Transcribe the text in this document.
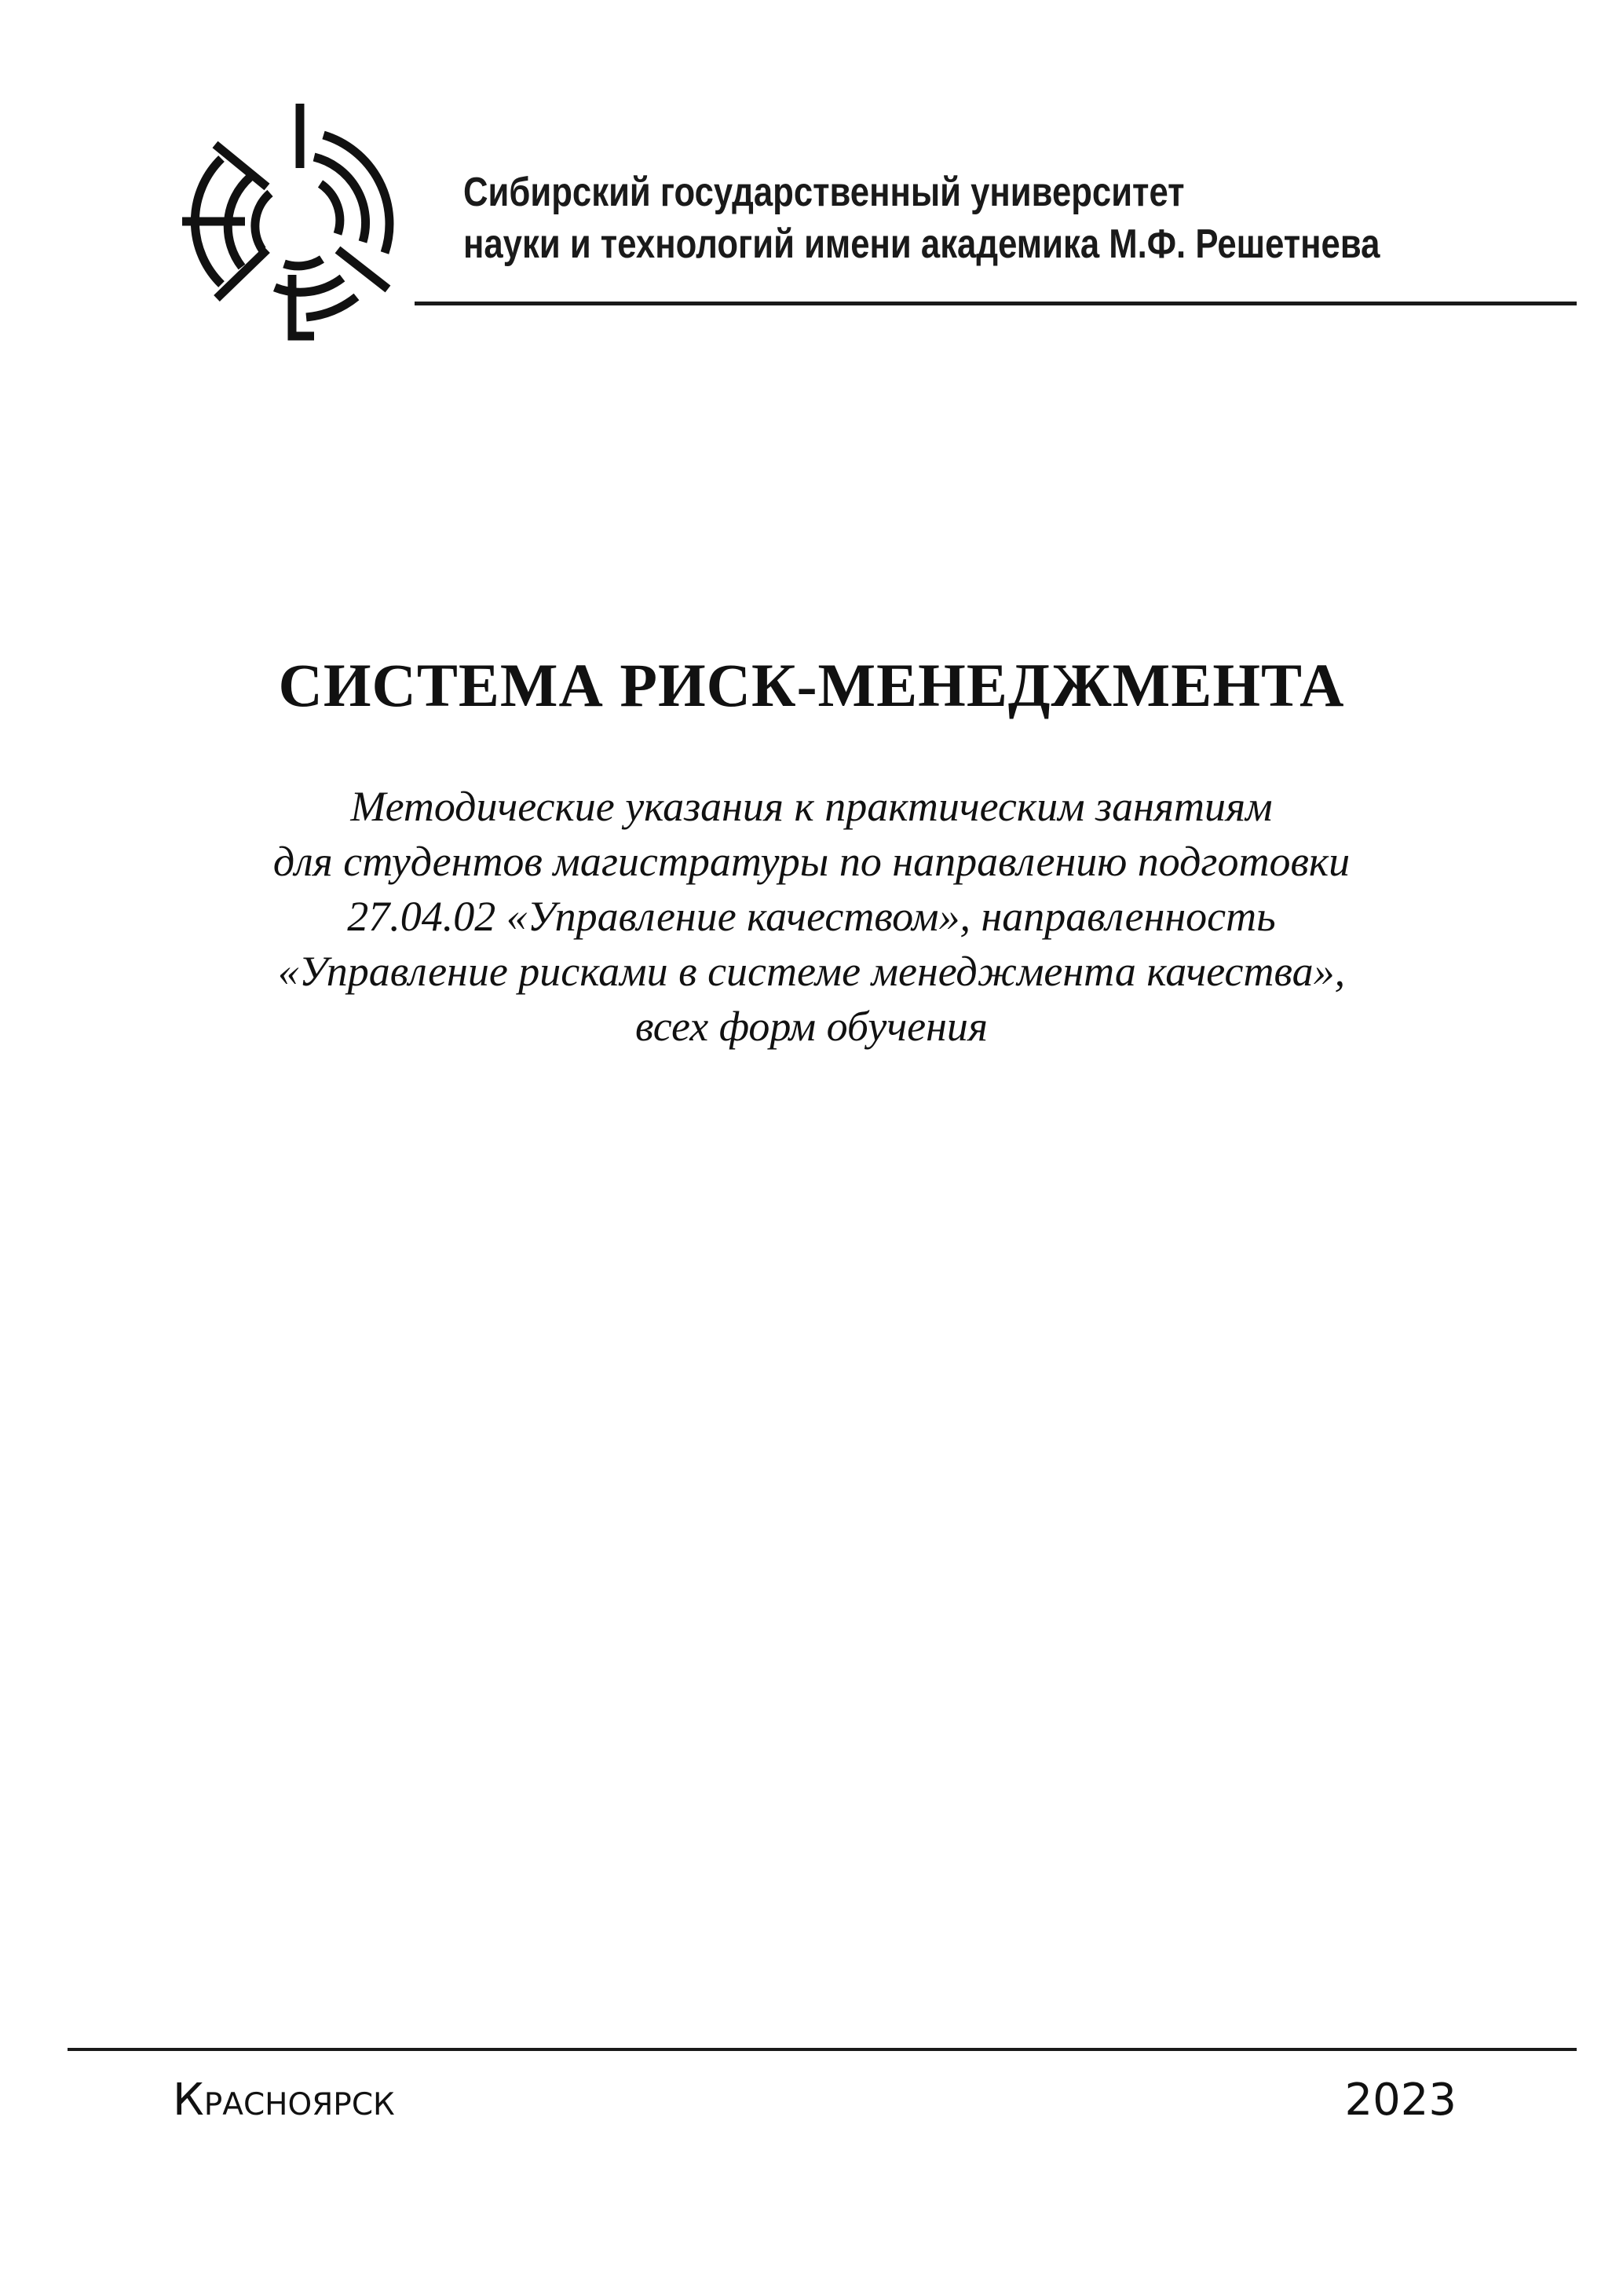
Сибирский государственный университет
науки и технологий имени академика М.Ф. Решетнева
СИСТЕМА РИСК-МЕНЕДЖМЕНТА
Методические указания к практическим занятиям
для студентов магистратуры по направлению подготовки
27.04.02 «Управление качеством», направленность
«Управление рисками в системе менеджмента качества»,
всех форм обучения
Красноярск	2023
